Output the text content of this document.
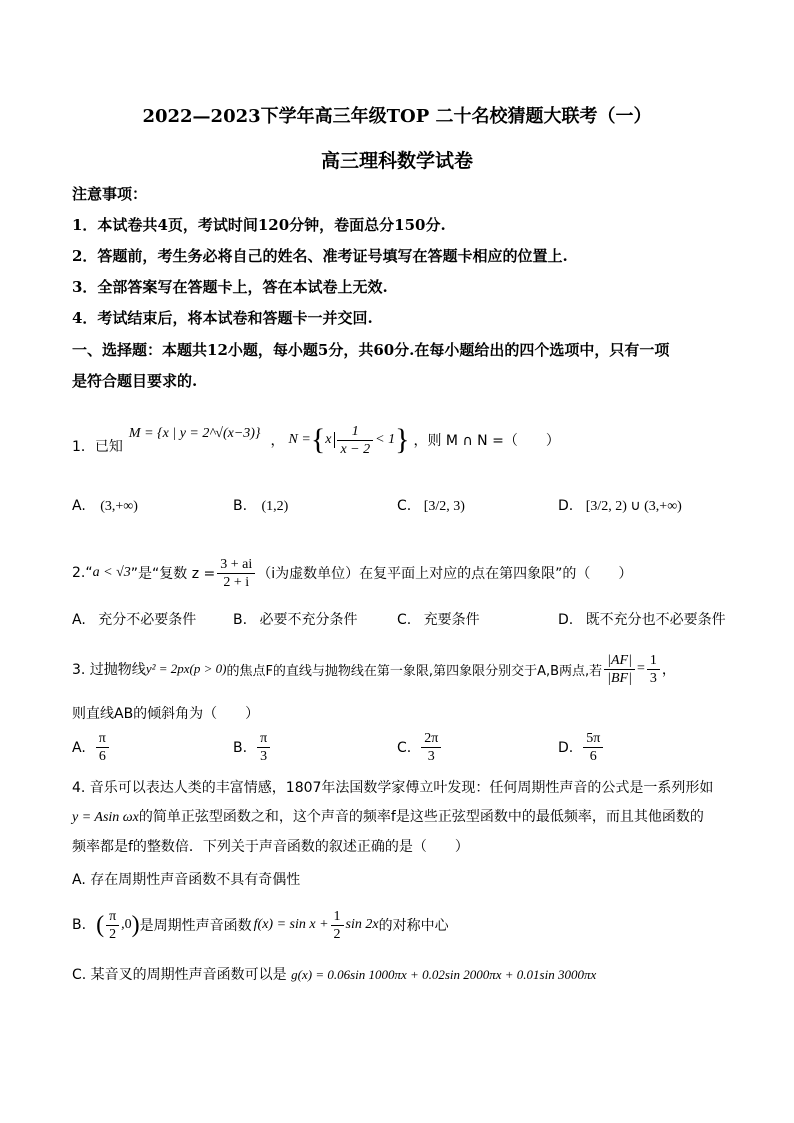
2022—2023下学年高三年级TOP 二十名校猜题大联考（一）
高三理科数学试卷
注意事项：
1．本试卷共4页，考试时间120分钟，卷面总分150分.
2．答题前，考生务必将自己的姓名、准考证号填写在答题卡相应的位置上.
3．全部答案写在答题卡上，答在本试卷上无效.
4．考试结束后，将本试卷和答题卡一并交回.
一、选择题：本题共12小题，每小题5分，共60分.在每小题给出的四个选项中，只有一项
是符合题目要求的.
1．已知
M = {x | y = 2^√(x−3)} ， N = { x $\frac{1}{x - 2} < 1$ } ，则 M ∩ N =（　　）
A. (3,+∞)	B. (1,2)	C. [3/2, 3)	D. [3/2, 2) ∪ (3,+∞)
2.“ a < √3 ”是“复数 $z = \frac{3 + ai}{2 + i} (i$为虚数单位）在复平面上对应的点在第四象限”的（　　）
A. 充分不必要条件	B. 必要不充分条件	C. 充要条件	D. 既不充分也不必要条件
3. 过抛物线 y² = 2px(p > 0) 的焦点F的直线与抛物线在第一象限,第四象限分别交于A,B两点,若 $\frac{|AF|}{|BF|} = \frac{1}{3}$ ，
则直线AB的倾斜角为（　　）
A. $\frac{\pi}{6}$	B. $\frac{\pi}{3}$	C. $\frac{2\pi}{3}$	D. $\frac{5\pi}{6}$
4. 音乐可以表达人类的丰富情感，1807年法国数学家傅立叶发现：任何周期性声音的公式是一系列形如
y = Asin ωx的简单正弦型函数之和，这个声音的频率f是这些正弦型函数中的最低频率，而且其他函数的
频率都是f的整数倍．下列关于声音函数的叙述正确的是（　　）
A. 存在周期性声音函数不具有奇偶性
B. ( $\frac{\pi}{2} ,0$ ) 是周期性声音函数 $f(x) = \sin x + \frac{1}{2}$ sin 2x 的对称中心
C. 某音叉的周期性声音函数可以是 g(x) = 0.06sin 1000πx + 0.02sin 2000πx + 0.01sin 3000πx
